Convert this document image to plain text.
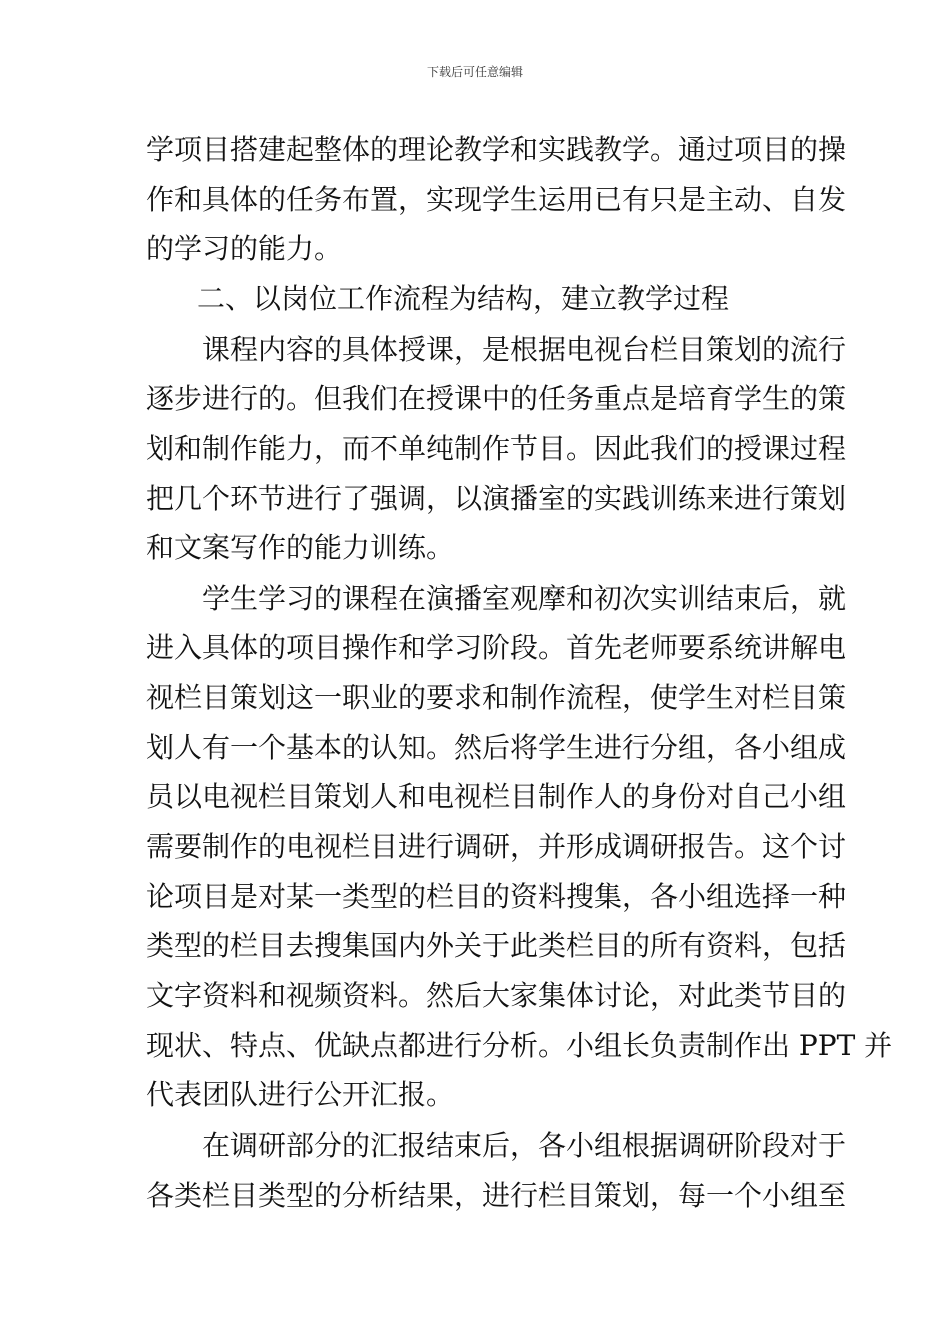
下载后可任意编辑

学项目搭建起整体的理论教学和实践教学。通过项目的操

作和具体的任务布置，实现学生运用已有只是主动、自发

的学习的能力。

二、以岗位工作流程为结构，建立教学过程

课程内容的具体授课，是根据电视台栏目策划的流行

逐步进行的。但我们在授课中的任务重点是培育学生的策

划和制作能力，而不单纯制作节目。因此我们的授课过程

把几个环节进行了强调，以演播室的实践训练来进行策划

和文案写作的能力训练。

学生学习的课程在演播室观摩和初次实训结束后，就

进入具体的项目操作和学习阶段。首先老师要系统讲解电

视栏目策划这一职业的要求和制作流程，使学生对栏目策

划人有一个基本的认知。然后将学生进行分组，各小组成

员以电视栏目策划人和电视栏目制作人的身份对自己小组

需要制作的电视栏目进行调研，并形成调研报告。这个讨

论项目是对某一类型的栏目的资料搜集，各小组选择一种

类型的栏目去搜集国内外关于此类栏目的所有资料，包括

文字资料和视频资料。然后大家集体讨论，对此类节目的

现状、特点、优缺点都进行分析。小组长负责制作出 PPT 并

代表团队进行公开汇报。

在调研部分的汇报结束后，各小组根据调研阶段对于

各类栏目类型的分析结果，进行栏目策划，每一个小组至
